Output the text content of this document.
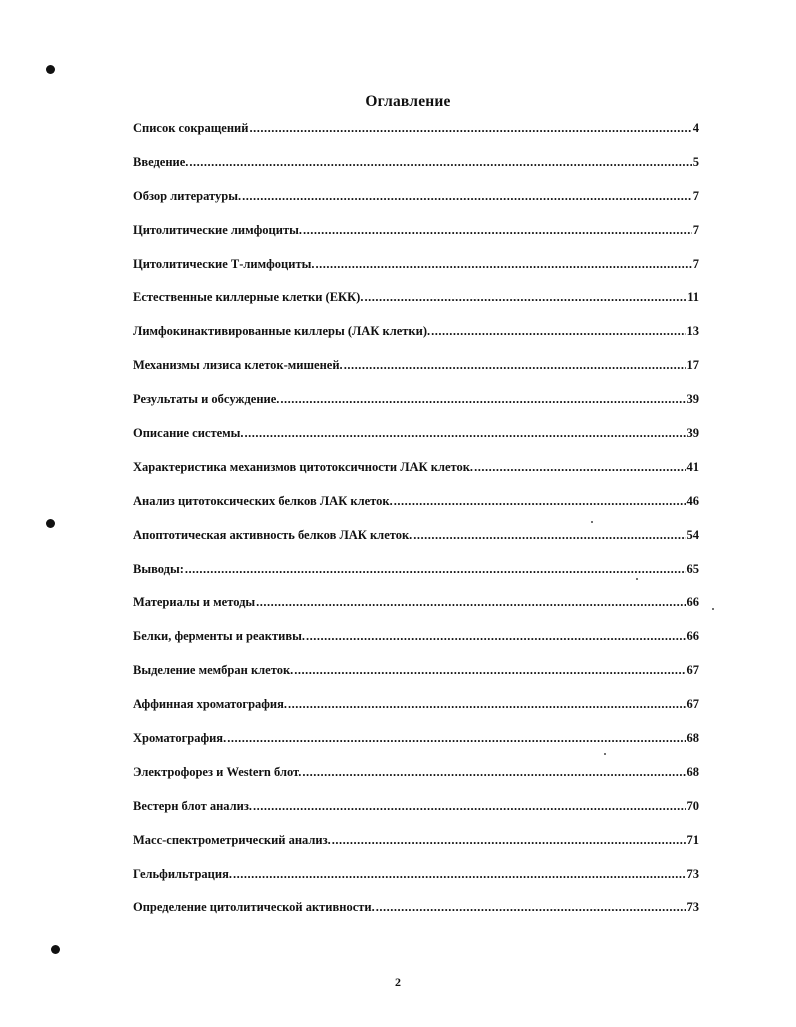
Оглавление
Список сокращений .....	4
Введение. .....	5
Обзор литературы. .....	7
Цитолитические лимфоциты. .....	7
Цитолитические Т-лимфоциты. .....	7
Естественные киллерные клетки (ЕКК). .....	11
Лимфокинактивированные киллеры (ЛАК клетки). .....	13
Механизмы лизиса клеток-мишеней. .....	17
Результаты и обсуждение. .....	39
Описание системы. .....	39
Характеристика механизмов цитотоксичности ЛАК клеток. .....	41
Анализ цитотоксических белков ЛАК клеток. .....	46
Апоптотическая активность белков ЛАК клеток. .....	54
Выводы: .....	65
Материалы и методы .....	66
Белки, ферменты и реактивы. .....	66
Выделение мембран клеток. .....	67
Аффинная хроматография. .....	67
Хроматография. .....	68
Электрофорез и Western блот. .....	68
Вестерн блот анализ. .....	70
Масс-спектрометрический анализ. .....	71
Гельфильтрация. .....	73
Определение цитолитической активности. .....	73
2
